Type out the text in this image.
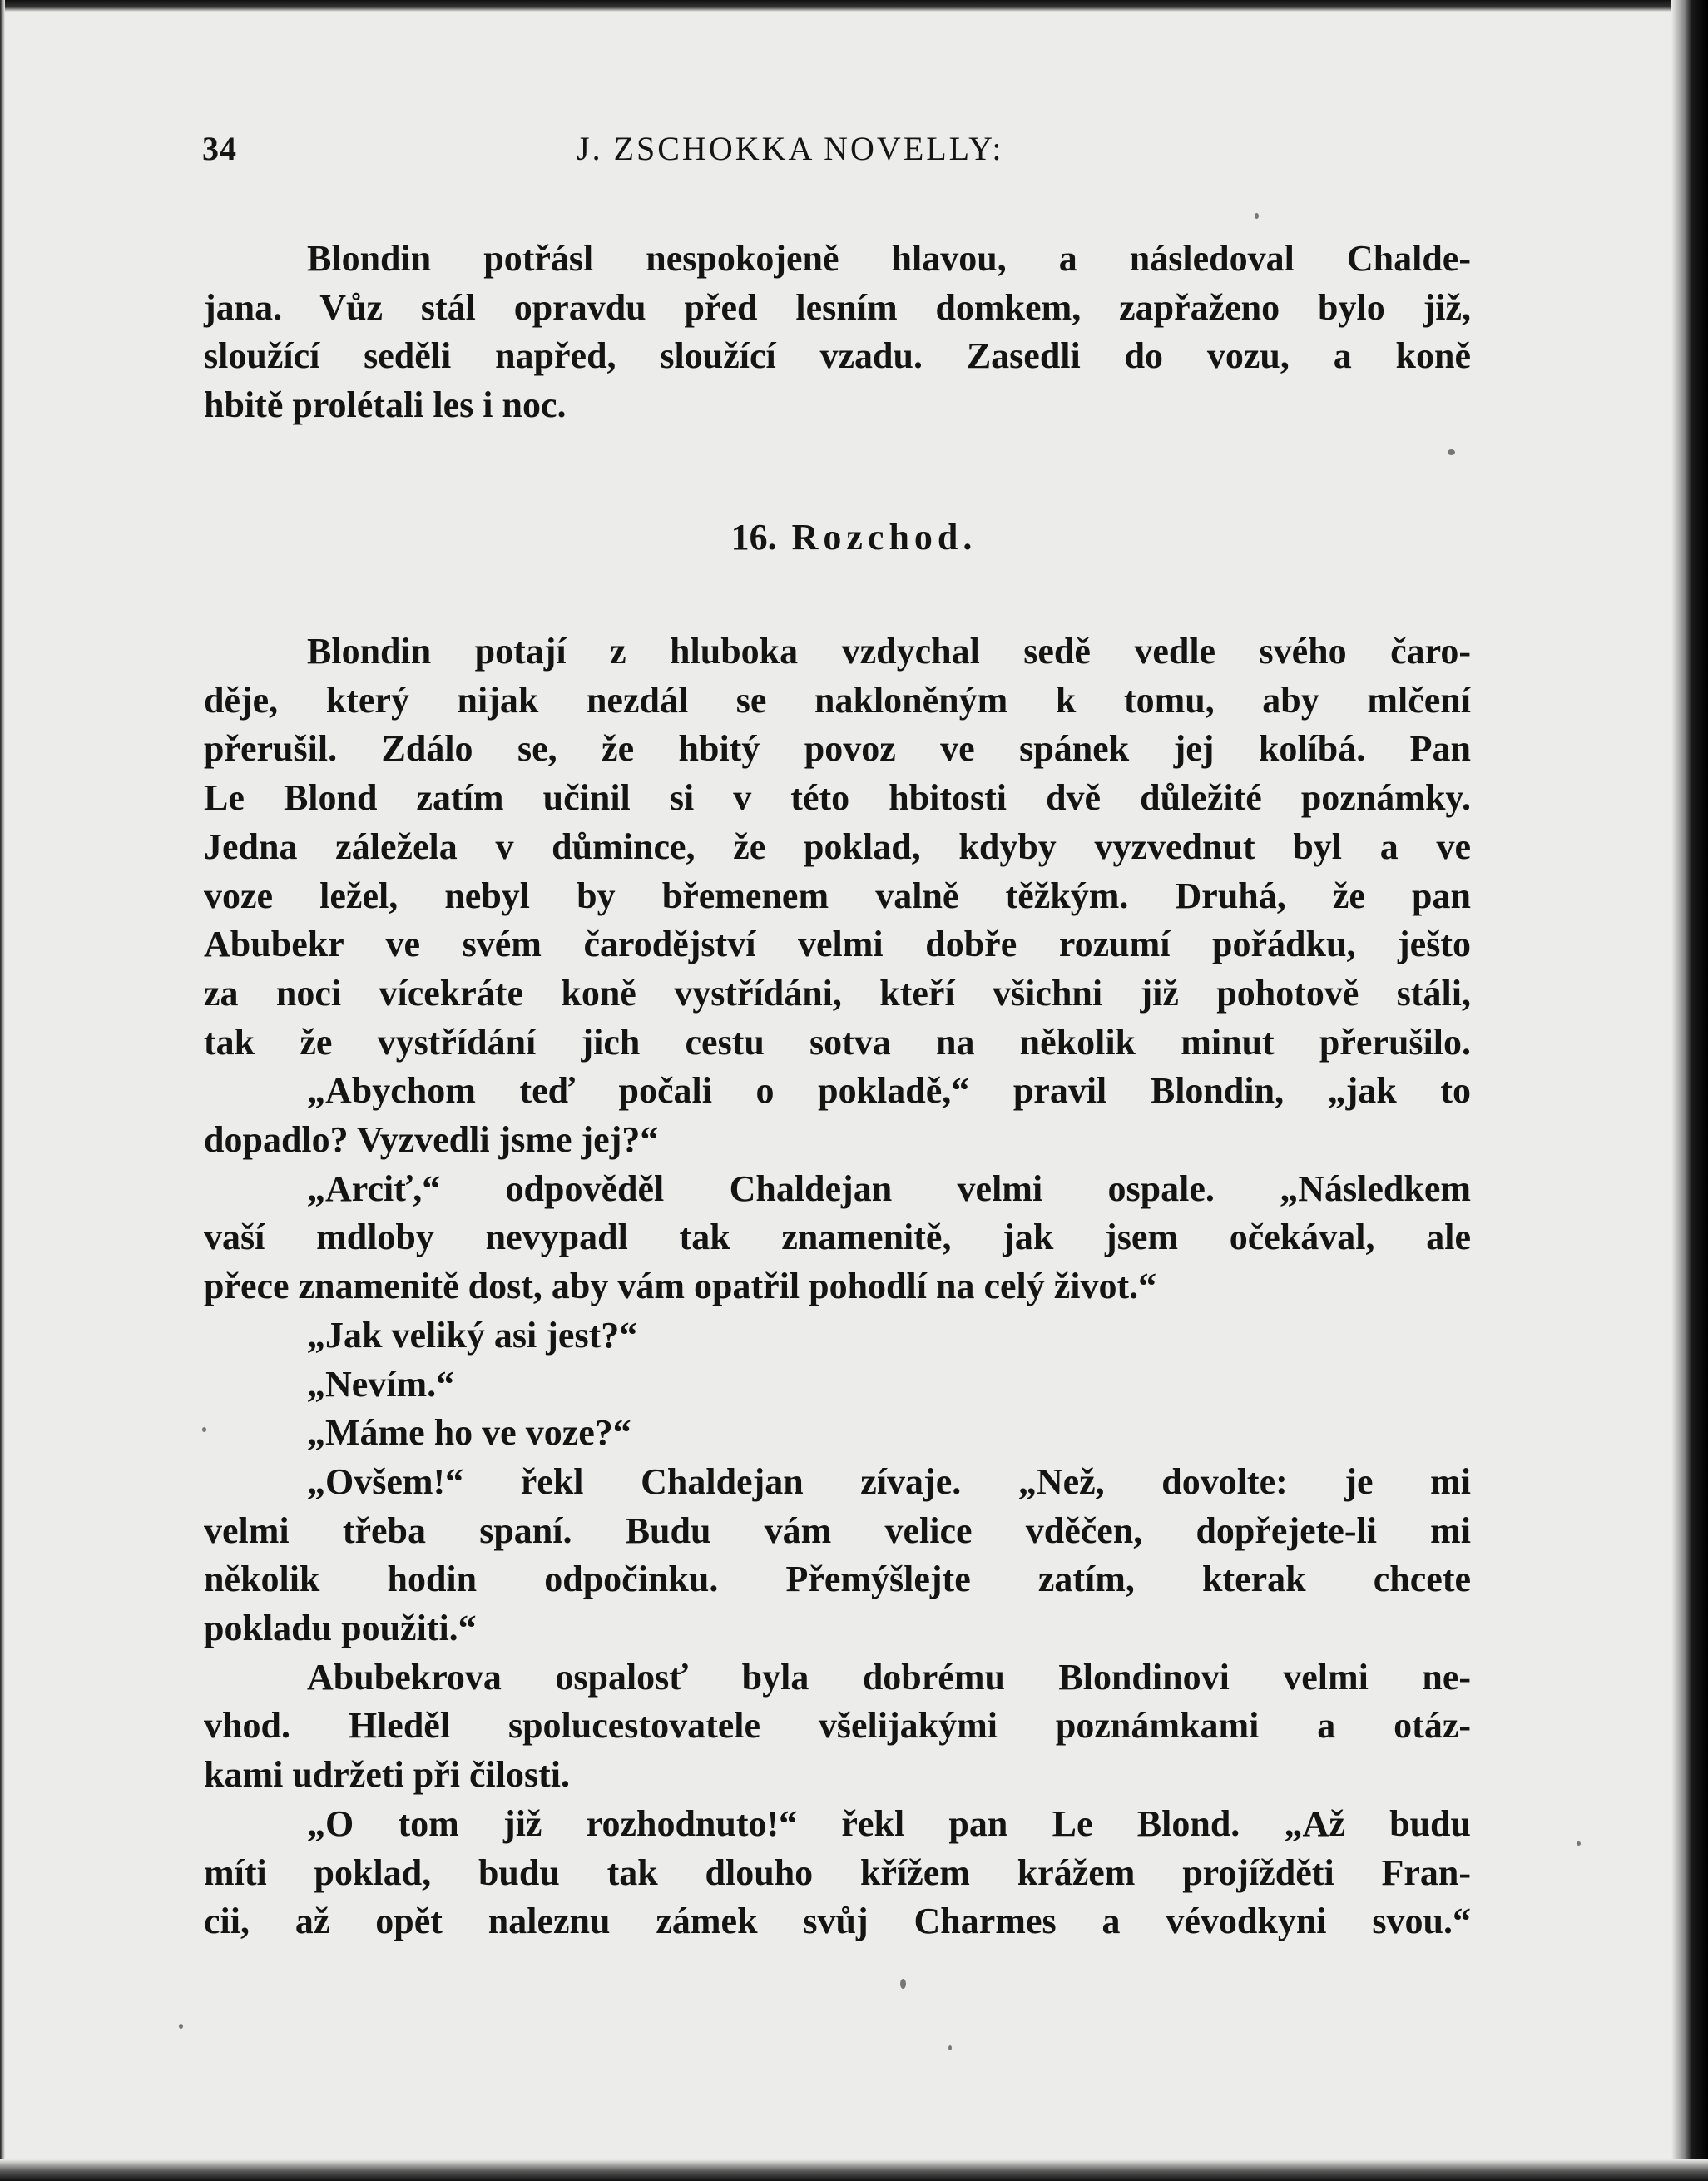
34	J. ZSCHOKKA NOVELLY:
Blondin potřásl nespokojeně hlavou, a následoval Chalde-
jana. Vůz stál opravdu před lesním domkem, zapřaženo bylo již,
sloužící seděli napřed, sloužící vzadu. Zasedli do vozu, a koně
hbitě prolétali les i noc.
16. Rozchod.
Blondin potají z hluboka vzdychal sedě vedle svého čaro-
děje, který nijak nezdál se nakloněným k tomu, aby mlčení
přerušil. Zdálo se, že hbitý povoz ve spánek jej kolíbá. Pan
Le Blond zatím učinil si v této hbitosti dvě důležité poznámky.
Jedna záležela v důmince, že poklad, kdyby vyzvednut byl a ve
voze ležel, nebyl by břemenem valně těžkým. Druhá, že pan
Abubekr ve svém čarodějství velmi dobře rozumí pořádku, ješto
za noci vícekráte koně vystřídáni, kteří všichni již pohotově stáli,
tak že vystřídání jich cestu sotva na několik minut přerušilo.
„Abychom teď počali o pokladě,“ pravil Blondin, „jak to
dopadlo? Vyzvedli jsme jej?“
„Arciť,“ odpověděl Chaldejan velmi ospale. „Následkem
vaší mdloby nevypadl tak znamenitě, jak jsem očekával, ale
přece znamenitě dost, aby vám opatřil pohodlí na celý život.“
„Jak veliký asi jest?“
„Nevím.“
„Máme ho ve voze?“
„Ovšem!“ řekl Chaldejan zívaje. „Než, dovolte: je mi
velmi třeba spaní. Budu vám velice vděčen, dopřejete-li mi
několik hodin odpočinku. Přemýšlejte zatím, kterak chcete
pokladu použiti.“
Abubekrova ospalosť byla dobrému Blondinovi velmi ne-
vhod. Hleděl spolucestovatele všelijakými poznámkami a otáz-
kami udržeti při čilosti.
„O tom již rozhodnuto!“ řekl pan Le Blond. „Až budu
míti poklad, budu tak dlouho křížem krážem projížděti Fran-
cii, až opět naleznu zámek svůj Charmes a vévodkyni svou.“
